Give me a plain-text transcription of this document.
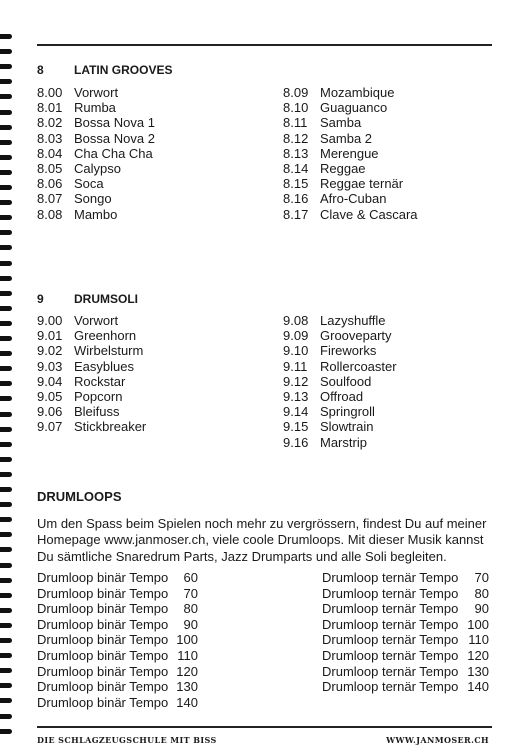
8	LATIN GROOVES
8.00 Vorwort
8.01 Rumba
8.02 Bossa Nova 1
8.03 Bossa Nova 2
8.04 Cha Cha Cha
8.05 Calypso
8.06 Soca
8.07 Songo
8.08 Mambo
8.09 Mozambique
8.10 Guaguanco
8.11 Samba
8.12 Samba 2
8.13 Merengue
8.14 Reggae
8.15 Reggae ternär
8.16 Afro-Cuban
8.17 Clave & Cascara
9	DRUMSOLI
9.00 Vorwort
9.01 Greenhorn
9.02 Wirbelsturm
9.03 Easyblues
9.04 Rockstar
9.05 Popcorn
9.06 Bleifuss
9.07 Stickbreaker
9.08 Lazyshuffle
9.09 Grooveparty
9.10 Fireworks
9.11 Rollercoaster
9.12 Soulfood
9.13 Offroad
9.14 Springroll
9.15 Slowtrain
9.16 Marstrip
DRUMLOOPS
Um den Spass beim Spielen noch mehr zu vergrössern, findest Du auf meiner Homepage www.janmoser.ch, viele coole Drumloops. Mit dieser Musik kannst Du sämtliche Snaredrum Parts, Jazz Drumparts und alle Soli begleiten.
Drumloop binär Tempo	60
Drumloop binär Tempo	70
Drumloop binär Tempo	80
Drumloop binär Tempo	90
Drumloop binär Tempo 100
Drumloop binär Tempo 110
Drumloop binär Tempo 120
Drumloop binär Tempo 130
Drumloop binär Tempo 140
Drumloop ternär Tempo	70
Drumloop ternär Tempo	80
Drumloop ternär Tempo	90
Drumloop ternär Tempo 100
Drumloop ternär Tempo 110
Drumloop ternär Tempo 120
Drumloop ternär Tempo 130
Drumloop ternär Tempo 140
DIE SCHLAGZEUGSCHULE MIT BISS	WWW.JANMOSER.CH
